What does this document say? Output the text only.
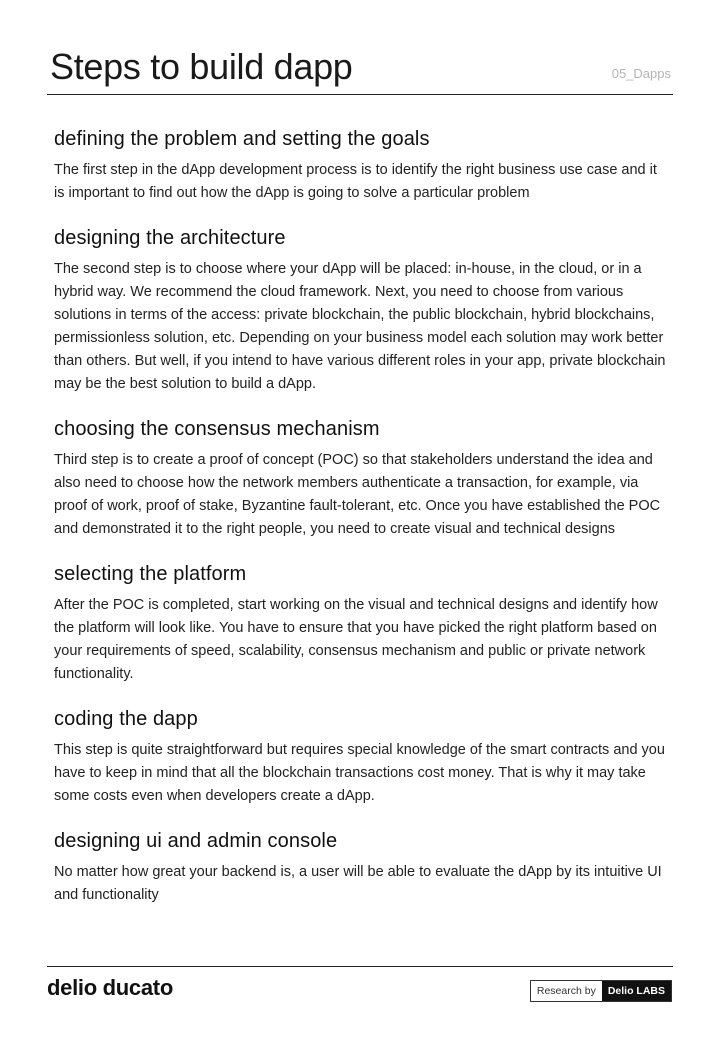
Steps to build dapp	05_Dapps
defining the problem and setting the goals

The first step in the dApp development process is to identify the right business use case and it is important to find out how the dApp is going to solve a particular problem

designing the architecture

The second step is to choose where your dApp will be placed: in-house, in the cloud, or in a hybrid way. We recommend the cloud framework. Next, you need to choose from various solutions in terms of the access: private blockchain, the public blockchain, hybrid blockchains, permissionless solution, etc. Depending on your business model each solution may work better than others. But well, if you intend to have various different roles in your app, private blockchain may be the best solution to build a dApp.

choosing the consensus mechanism

Third step is to create a proof of concept (POC) so that stakeholders understand the idea and also need to choose how the network members authenticate a transaction, for example, via proof of work, proof of stake, Byzantine fault-tolerant, etc. Once you have established the POC and demonstrated it to the right people, you need to create visual and technical designs

selecting the platform

After the POC is completed, start working on the visual and technical designs and identify how the platform will look like. You have to ensure that you have picked the right platform based on your requirements of speed, scalability, consensus mechanism and public or private network functionality.

coding the dapp

This step is quite straightforward but requires special knowledge of the smart contracts and you have to keep in mind that all the blockchain transactions cost money. That is why it may take some costs even when developers create a dApp.

designing ui and admin console

No matter how great your backend is, a user will be able to evaluate the dApp by its intuitive UI and functionality

delio ducato	Research by	Delio LABS
